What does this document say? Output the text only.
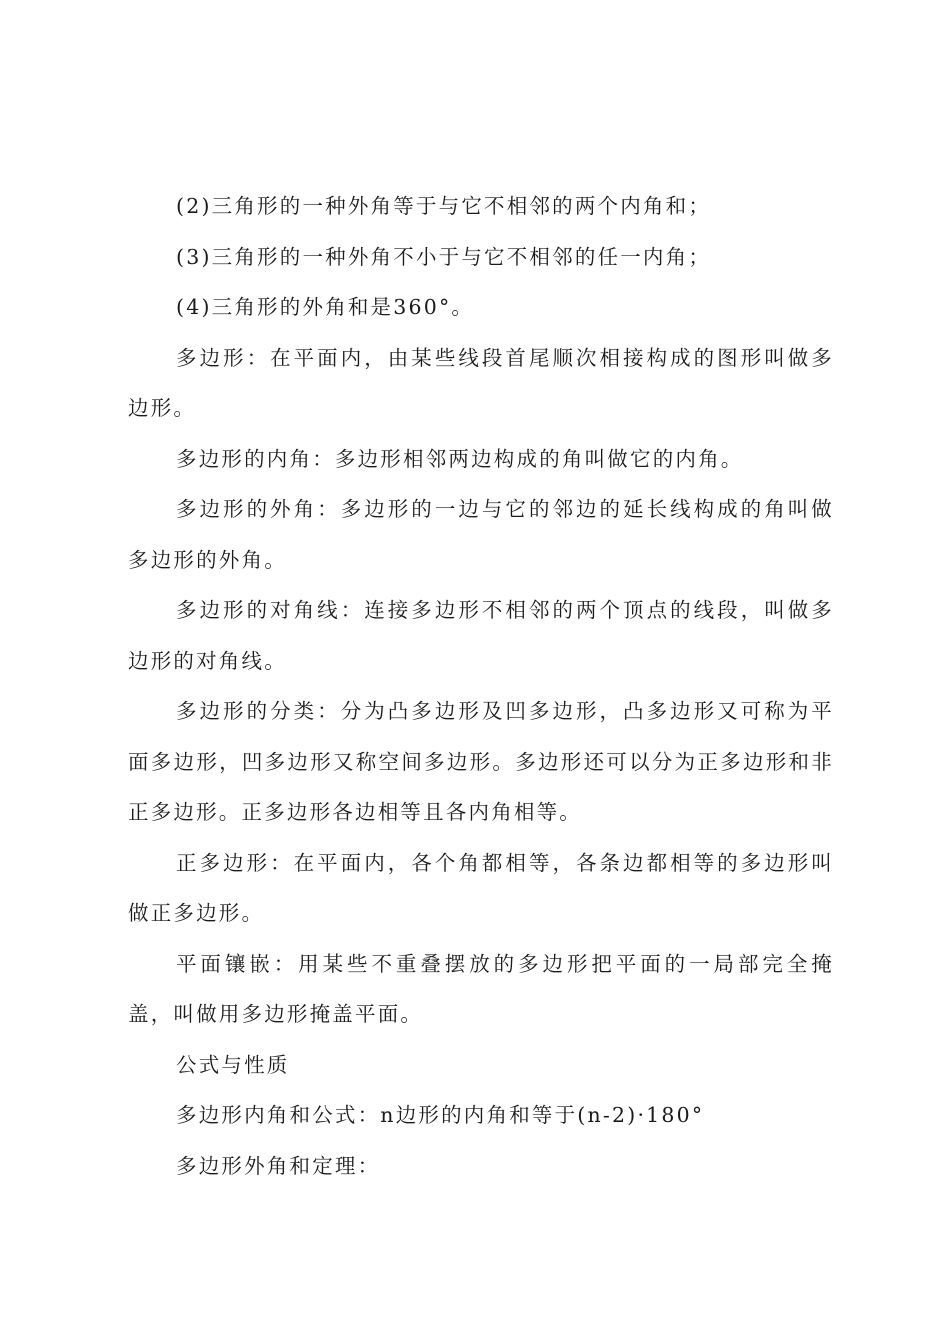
(2)三角形的一种外角等于与它不相邻的两个内角和；

(3)三角形的一种外角不小于与它不相邻的任一内角；

(4)三角形的外角和是360°。

多边形：在平面内，由某些线段首尾顺次相接构成的图形叫做多边形。

多边形的内角：多边形相邻两边构成的角叫做它的内角。

多边形的外角：多边形的一边与它的邻边的延长线构成的角叫做多边形的外角。

多边形的对角线：连接多边形不相邻的两个顶点的线段，叫做多边形的对角线。

多边形的分类：分为凸多边形及凹多边形，凸多边形又可称为平面多边形，凹多边形又称空间多边形。多边形还可以分为正多边形和非正多边形。正多边形各边相等且各内角相等。

正多边形：在平面内，各个角都相等，各条边都相等的多边形叫做正多边形。

平面镶嵌：用某些不重叠摆放的多边形把平面的一局部完全掩盖，叫做用多边形掩盖平面。

公式与性质

多边形内角和公式：n边形的内角和等于(n-2)·180°

多边形外角和定理：
